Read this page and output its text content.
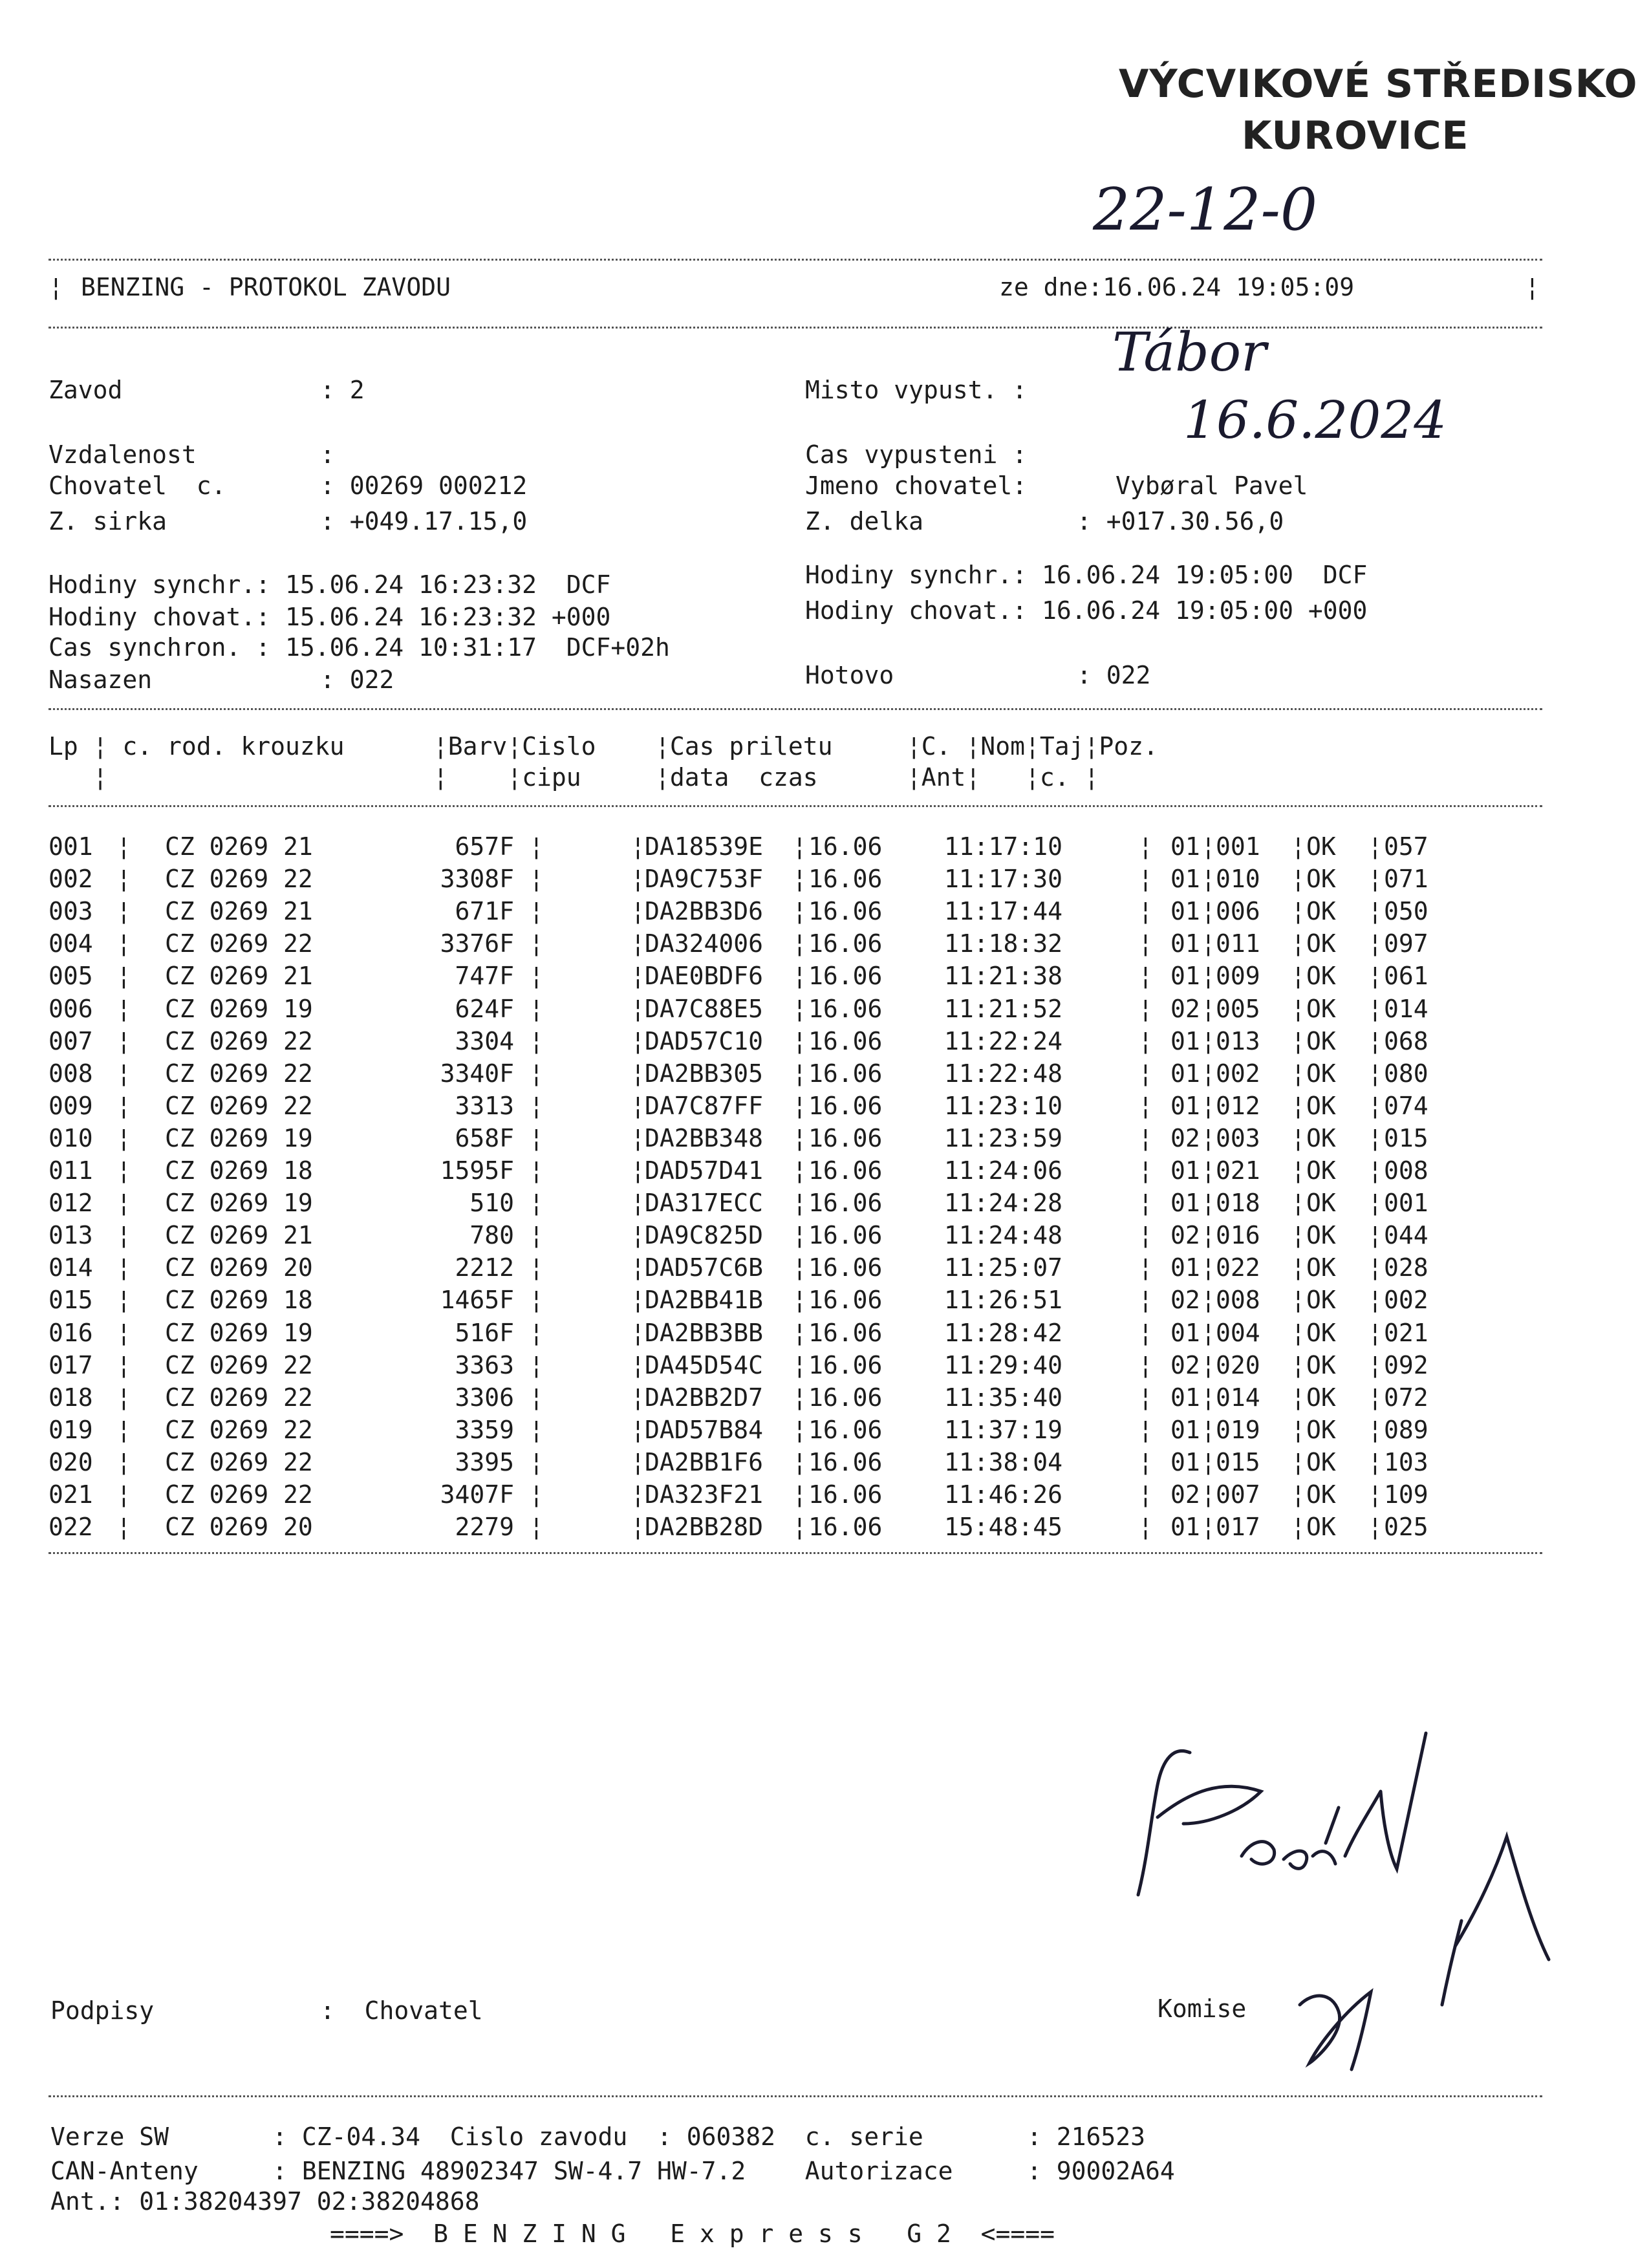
VÝCVIKOVÉ STŘEDISKO
KUROVICE
22-12-0
¦ BENZING - PROTOKOL ZAVODU	ze dne:16.06.24 19:05:09	¦
Zavod	: 2	Misto vypust. :
Tábor
Vzdalenost	:	Cas vypusteni :
16.6.2024
Chovatel  c.	: 00269 000212	Jmeno chovatel:	Vybøral Pavel
Z. sirka	: +049.17.15,0	Z. delka	: +017.30.56,0
Hodiny synchr.: 15.06.24 16:23:32  DCF	Hodiny synchr.: 16.06.24 19:05:00  DCF
Hodiny chovat.: 15.06.24 16:23:32 +000	Hodiny chovat.: 16.06.24 19:05:00 +000
Cas synchron. : 15.06.24 10:31:17  DCF+02h
Nasazen	: 022	Hotovo	: 022
Lp ¦ c. rod. krouzku      ¦Barv¦Cislo    ¦Cas priletu     ¦C. ¦Nom¦Taj¦Poz.
¦                      ¦    ¦cipu     ¦data  czas      ¦Ant¦   ¦c. ¦
001 ¦ CZ 0269 21	657F ¦	¦ DA18539E ¦ 16.06	11:17:10	¦ 01 ¦ 001 ¦ OK ¦ 057
002 ¦ CZ 0269 22	3308F ¦	¦ DA9C753F ¦ 16.06	11:17:30	¦ 01 ¦ 010 ¦ OK ¦ 071
003 ¦ CZ 0269 21	671F ¦	¦ DA2BB3D6 ¦ 16.06	11:17:44	¦ 01 ¦ 006 ¦ OK ¦ 050
004 ¦ CZ 0269 22	3376F ¦	¦ DA324006 ¦ 16.06	11:18:32	¦ 01 ¦ 011 ¦ OK ¦ 097
005 ¦ CZ 0269 21	747F ¦	¦ DAE0BDF6 ¦ 16.06	11:21:38	¦ 01 ¦ 009 ¦ OK ¦ 061
006 ¦ CZ 0269 19	624F ¦	¦ DA7C88E5 ¦ 16.06	11:21:52	¦ 02 ¦ 005 ¦ OK ¦ 014
007 ¦ CZ 0269 22	3304 ¦	¦ DAD57C10 ¦ 16.06	11:22:24	¦ 01 ¦ 013 ¦ OK ¦ 068
008 ¦ CZ 0269 22	3340F ¦	¦ DA2BB305 ¦ 16.06	11:22:48	¦ 01 ¦ 002 ¦ OK ¦ 080
009 ¦ CZ 0269 22	3313 ¦	¦ DA7C87FF ¦ 16.06	11:23:10	¦ 01 ¦ 012 ¦ OK ¦ 074
010 ¦ CZ 0269 19	658F ¦	¦ DA2BB348 ¦ 16.06	11:23:59	¦ 02 ¦ 003 ¦ OK ¦ 015
011 ¦ CZ 0269 18	1595F ¦	¦ DAD57D41 ¦ 16.06	11:24:06	¦ 01 ¦ 021 ¦ OK ¦ 008
012 ¦ CZ 0269 19	510 ¦	¦ DA317ECC ¦ 16.06	11:24:28	¦ 01 ¦ 018 ¦ OK ¦ 001
013 ¦ CZ 0269 21	780 ¦	¦ DA9C825D ¦ 16.06	11:24:48	¦ 02 ¦ 016 ¦ OK ¦ 044
014 ¦ CZ 0269 20	2212 ¦	¦ DAD57C6B ¦ 16.06	11:25:07	¦ 01 ¦ 022 ¦ OK ¦ 028
015 ¦ CZ 0269 18	1465F ¦	¦ DA2BB41B ¦ 16.06	11:26:51	¦ 02 ¦ 008 ¦ OK ¦ 002
016 ¦ CZ 0269 19	516F ¦	¦ DA2BB3BB ¦ 16.06	11:28:42	¦ 01 ¦ 004 ¦ OK ¦ 021
017 ¦ CZ 0269 22	3363 ¦	¦ DA45D54C ¦ 16.06	11:29:40	¦ 02 ¦ 020 ¦ OK ¦ 092
018 ¦ CZ 0269 22	3306 ¦	¦ DA2BB2D7 ¦ 16.06	11:35:40	¦ 01 ¦ 014 ¦ OK ¦ 072
019 ¦ CZ 0269 22	3359 ¦	¦ DAD57B84 ¦ 16.06	11:37:19	¦ 01 ¦ 019 ¦ OK ¦ 089
020 ¦ CZ 0269 22	3395 ¦	¦ DA2BB1F6 ¦ 16.06	11:38:04	¦ 01 ¦ 015 ¦ OK ¦ 103
021 ¦ CZ 0269 22	3407F ¦	¦ DA323F21 ¦ 16.06	11:46:26	¦ 02 ¦ 007 ¦ OK ¦ 109
022 ¦ CZ 0269 20	2279 ¦	¦ DA2BB28D ¦ 16.06	15:48:45	¦ 01 ¦ 017 ¦ OK ¦ 025
Podpisy	:  Chovatel	Komise
Verze SW       : CZ-04.34  Cislo zavodu  : 060382  c. serie       : 216523
CAN-Anteny     : BENZING 48902347 SW-4.7 HW-7.2    Autorizace     : 90002A64
Ant.: 01:38204397 02:38204868
====>  B E N Z I N G   E x p r e s s   G 2  <====
